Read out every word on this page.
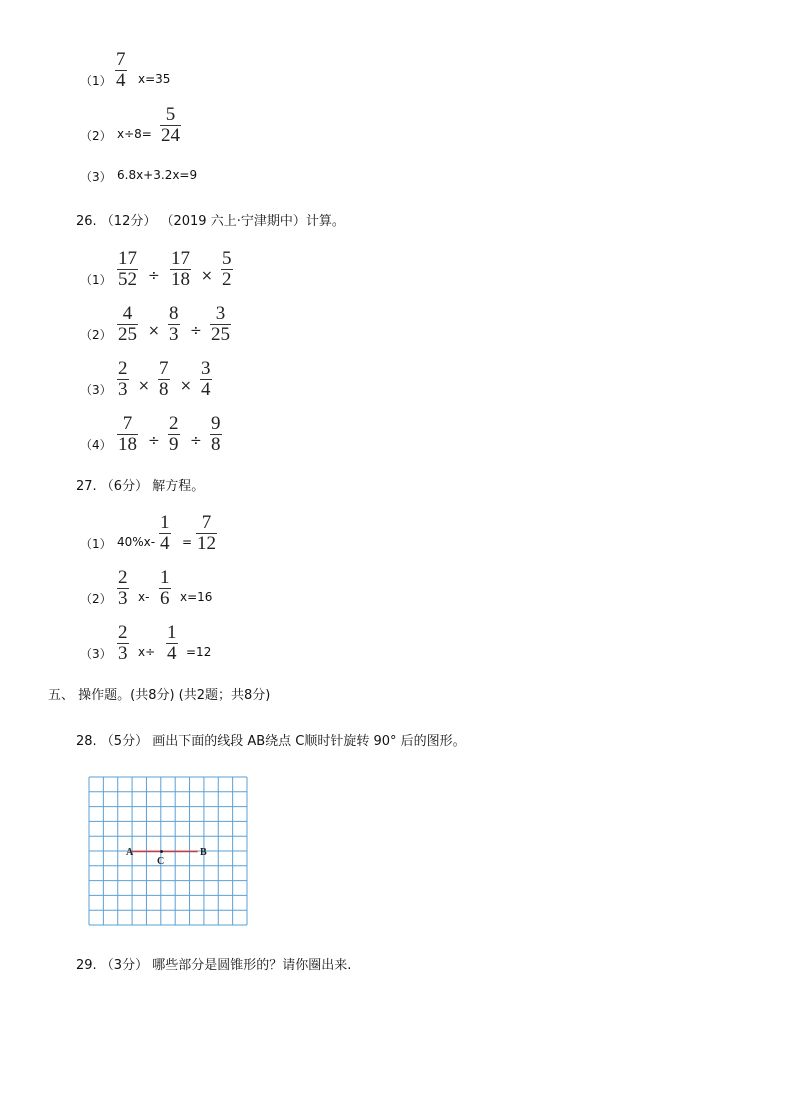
（1）
7
4 x=35
（2） x÷8=
5
24
（3） 6.8x+3.2x=9
26. （12分） （2019 六上·宁津期中）计算。
（1）
17
52 ÷
17
18 ×
5
2
（2）
4
25 ×
8
3 ÷
3
25
（3）
2
3 ×
7
8 ×
3
4
（4）
7
18 ÷
2
9 ÷
9
8
27. （6分） 解方程。
（1） 40%x-
1
4 =
7
12
（2）
2
3 x-
1
6 x=16
（3）
2
3 x÷
1
4 =12
五、 操作题。(共8分) (共2题；共8分)
28. （5分） 画出下面的线段 AB绕点 C顺时针旋转 90° 后的图形。
A	B
C
29. （3分） 哪些部分是圆锥形的？请你圈出来.
